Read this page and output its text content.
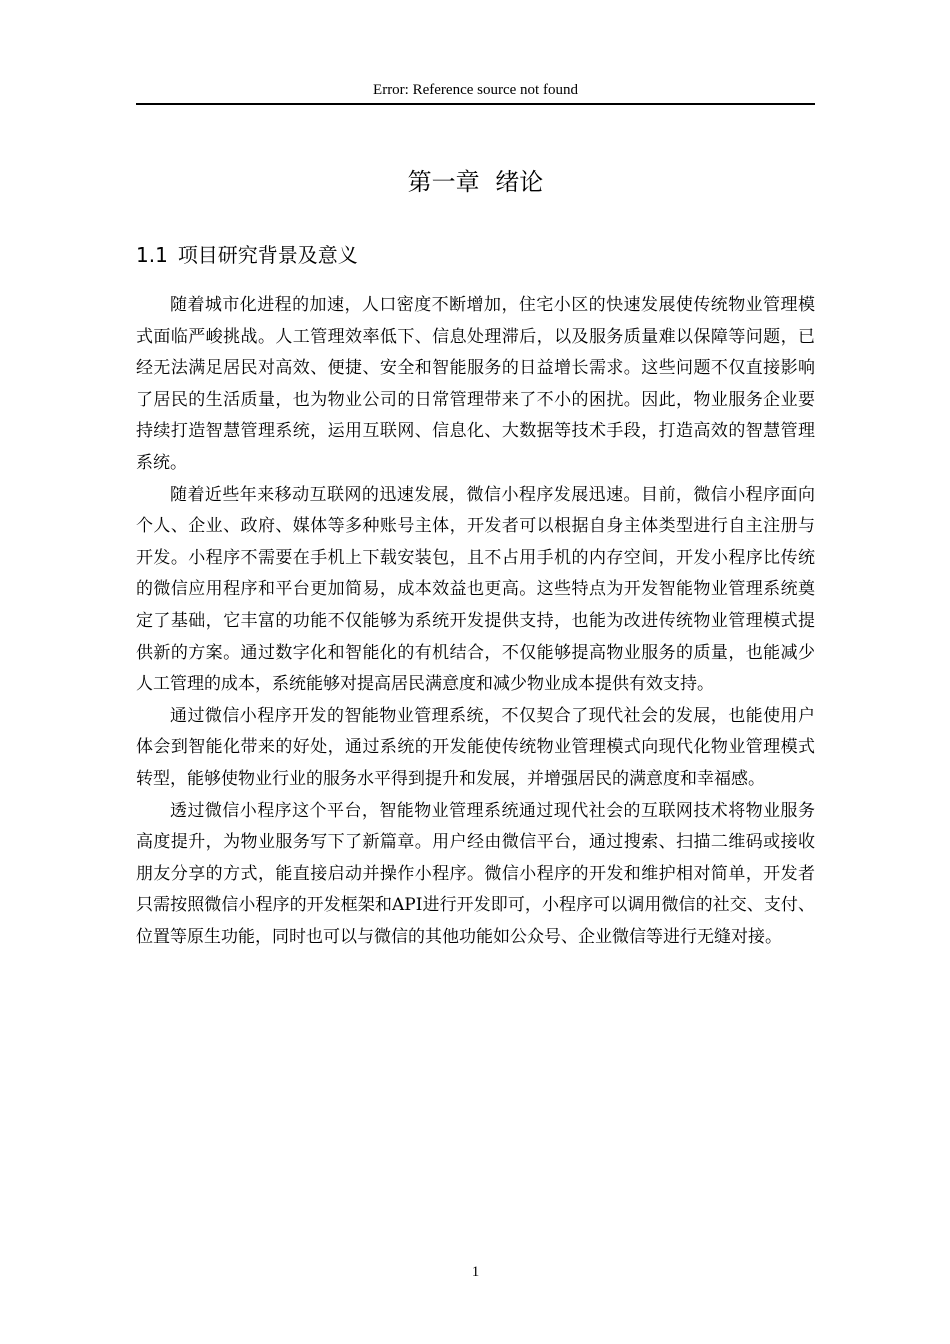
Error: Reference source not found
第一章 绪论
1.1 项目研究背景及意义

随着城市化进程的加速，人口密度不断增加，住宅小区的快速发展使传统物业管理模式面临严峻挑战。人工管理效率低下、信息处理滞后，以及服务质量难以保障等问题，已经无法满足居民对高效、便捷、安全和智能服务的日益增长需求。这些问题不仅直接影响了居民的生活质量，也为物业公司的日常管理带来了不小的困扰。因此，物业服务企业要持续打造智慧管理系统，运用互联网、信息化、大数据等技术手段，打造高效的智慧管理系统。

随着近些年来移动互联网的迅速发展，微信小程序发展迅速。目前，微信小程序面向个人、企业、政府、媒体等多种账号主体，开发者可以根据自身主体类型进行自主注册与开发。小程序不需要在手机上下载安装包，且不占用手机的内存空间，开发小程序比传统的微信应用程序和平台更加简易，成本效益也更高。这些特点为开发智能物业管理系统奠定了基础，它丰富的功能不仅能够为系统开发提供支持，也能为改进传统物业管理模式提供新的方案。通过数字化和智能化的有机结合，不仅能够提高物业服务的质量，也能减少人工管理的成本，系统能够对提高居民满意度和减少物业成本提供有效支持。

通过微信小程序开发的智能物业管理系统，不仅契合了现代社会的发展，也能使用户体会到智能化带来的好处，通过系统的开发能使传统物业管理模式向现代化物业管理模式转型，能够使物业行业的服务水平得到提升和发展，并增强居民的满意度和幸福感。

透过微信小程序这个平台，智能物业管理系统通过现代社会的互联网技术将物业服务高度提升，为物业服务写下了新篇章。用户经由微信平台，通过搜索、扫描二维码或接收朋友分享的方式，能直接启动并操作小程序。微信小程序的开发和维护相对简单，开发者只需按照微信小程序的开发框架和API进行开发即可，小程序可以调用微信的社交、支付、位置等原生功能，同时也可以与微信的其他功能如公众号、企业微信等进行无缝对接。

1
